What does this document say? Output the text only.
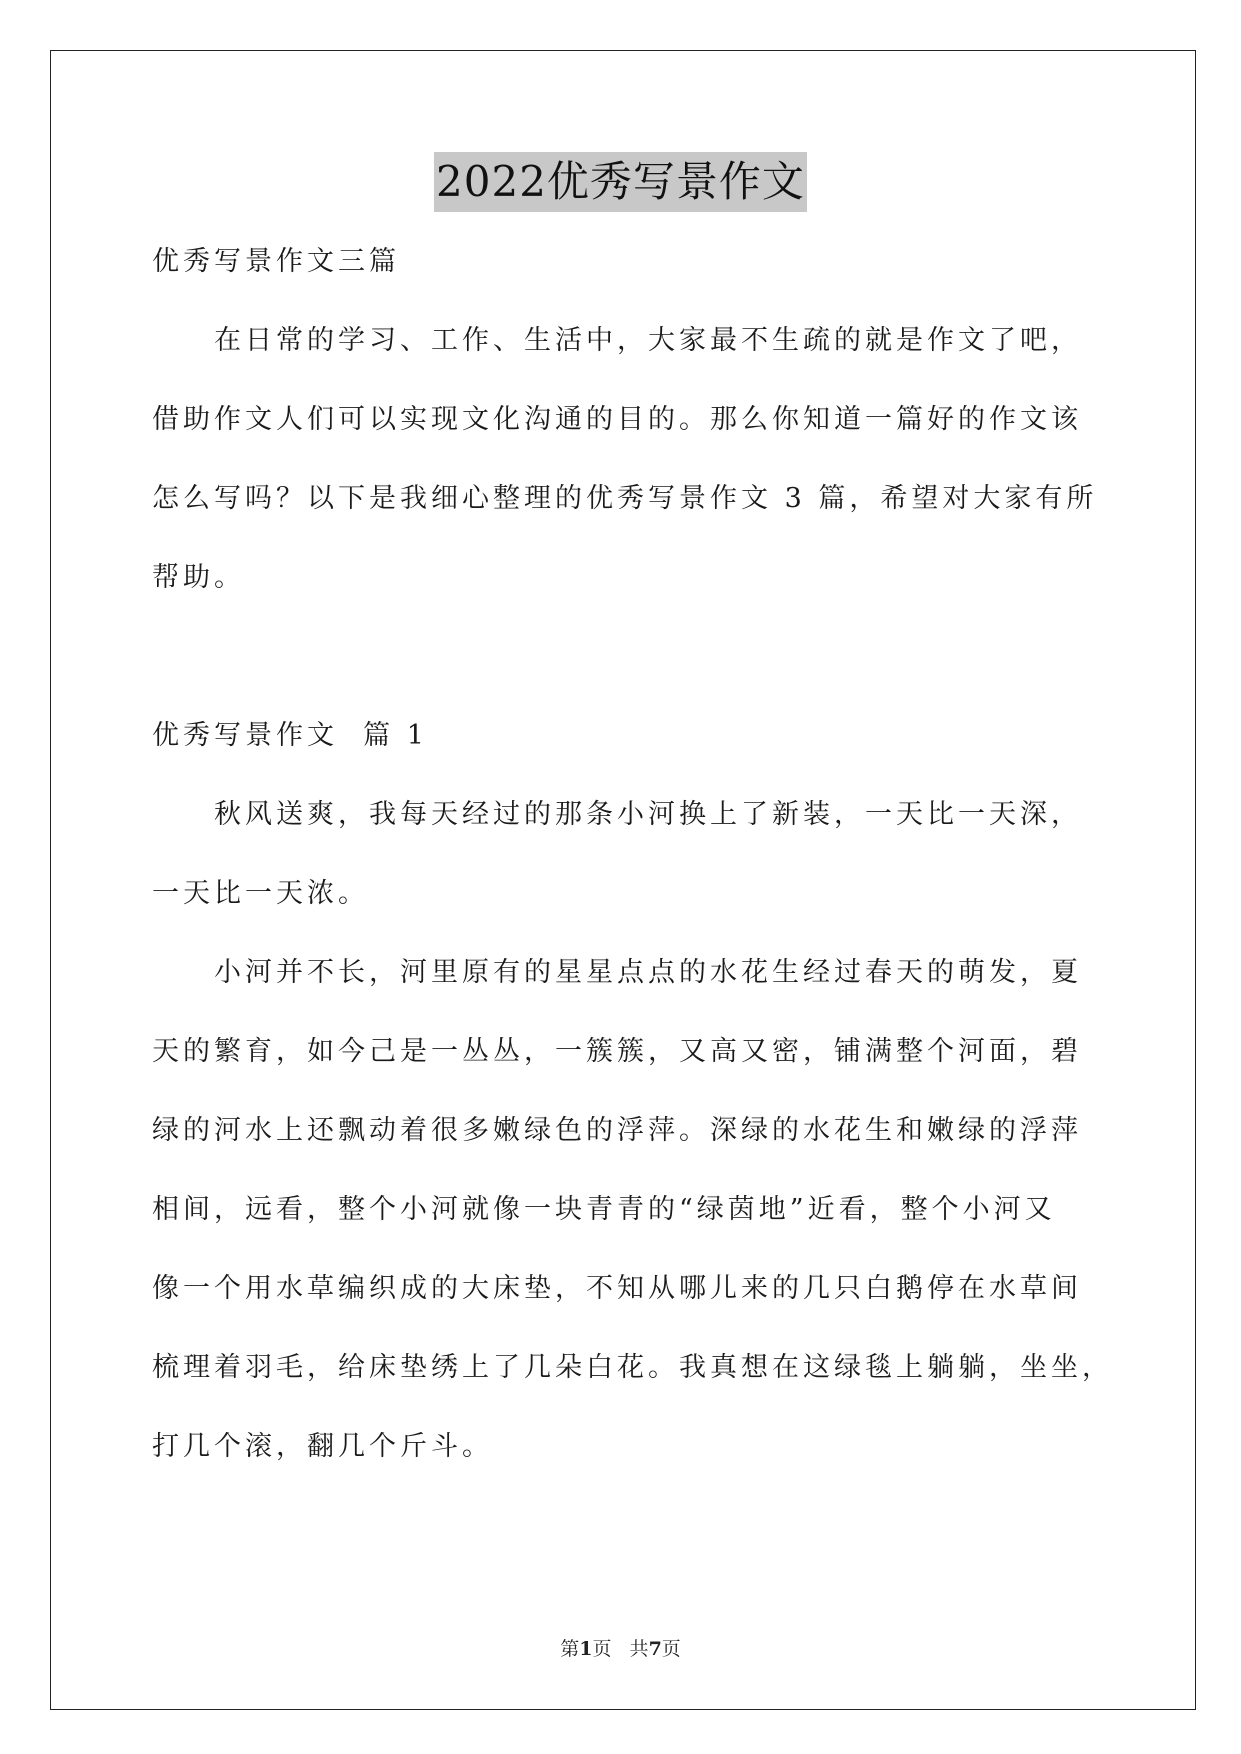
2022优秀写景作文
优秀写景作文三篇
在日常的学习、工作、生活中，大家最不生疏的就是作文了吧，
借助作文人们可以实现文化沟通的目的。那么你知道一篇好的作文该
怎么写吗？以下是我细心整理的优秀写景作文 3 篇，希望对大家有所
帮助。
优秀写景作文  篇 1
秋风送爽，我每天经过的那条小河换上了新装，一天比一天深，
一天比一天浓。
小河并不长，河里原有的星星点点的水花生经过春天的萌发，夏
天的繁育，如今己是一丛丛，一簇簇，又高又密，铺满整个河面，碧
绿的河水上还飘动着很多嫩绿色的浮萍。深绿的水花生和嫩绿的浮萍
相间，远看，整个小河就像一块青青的“绿茵地”近看，整个小河又
像一个用水草编织成的大床垫，不知从哪儿来的几只白鹅停在水草间
梳理着羽毛，给床垫绣上了几朵白花。我真想在这绿毯上躺躺，坐坐，
打几个滚，翻几个斤斗。
第1页   共7页
